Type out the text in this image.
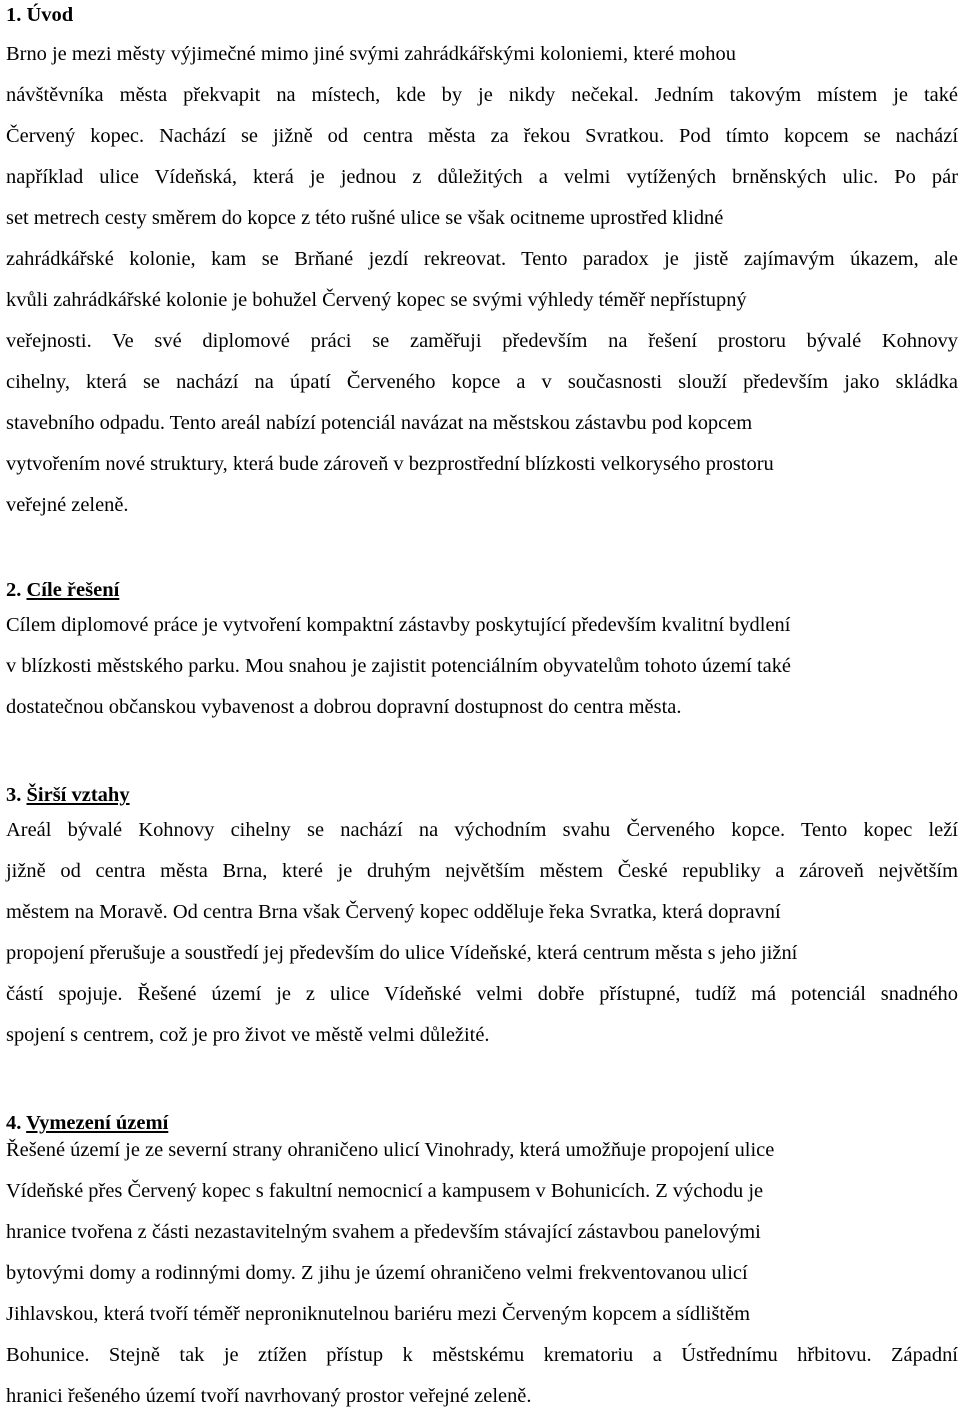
1. Úvod
Brno je mezi městy výjimečné mimo jiné svými zahrádkářskými koloniemi, které mohou
návštěvníka města překvapit na místech, kde by je nikdy nečekal. Jedním takovým místem je také
Červený kopec. Nachází se jižně od centra města za řekou Svratkou. Pod tímto kopcem se nachází
například ulice Vídeňská, která je jednou z důležitých a velmi vytížených brněnských ulic. Po pár
set metrech cesty směrem do kopce z této rušné ulice se však ocitneme uprostřed klidné
zahrádkářské kolonie, kam se Brňané jezdí rekreovat. Tento paradox je jistě zajímavým úkazem, ale
kvůli zahrádkářské kolonie je bohužel Červený kopec se svými výhledy téměř nepřístupný
veřejnosti. Ve své diplomové práci se zaměřuji především na řešení prostoru bývalé Kohnovy
cihelny, která se nachází na úpatí Červeného kopce a v současnosti slouží především jako skládka
stavebního odpadu. Tento areál nabízí potenciál navázat na městskou zástavbu pod kopcem
vytvořením nové struktury, která bude zároveň v bezprostřední blízkosti velkorysého prostoru
veřejné zeleně.
2. Cíle řešení
Cílem diplomové práce je vytvoření kompaktní zástavby poskytující především kvalitní bydlení
v blízkosti městského parku. Mou snahou je zajistit potenciálním obyvatelům tohoto území také
dostatečnou občanskou vybavenost a dobrou dopravní dostupnost do centra města.
3. Širší vztahy
Areál bývalé Kohnovy cihelny se nachází na východním svahu Červeného kopce. Tento kopec leží
jižně od centra města Brna, které je druhým největším městem České republiky a zároveň největším
městem na Moravě. Od centra Brna však Červený kopec odděluje řeka Svratka, která dopravní
propojení přerušuje a soustředí jej především do ulice Vídeňské, která centrum města s jeho jižní
částí spojuje. Řešené území je z ulice Vídeňské velmi dobře přístupné, tudíž má potenciál snadného
spojení s centrem, což je pro život ve městě velmi důležité.
4. Vymezení území
Řešené území je ze severní strany ohraničeno ulicí Vinohrady, která umožňuje propojení ulice
Vídeňské přes Červený kopec s fakultní nemocnicí a kampusem v Bohunicích. Z východu je
hranice tvořena z části nezastavitelným svahem a především stávající zástavbou panelovými
bytovými domy a rodinnými domy. Z jihu je území ohraničeno velmi frekventovanou ulicí
Jihlavskou, která tvoří téměř neproniknutelnou bariéru mezi Červeným kopcem a sídlištěm
Bohunice. Stejně tak je ztížen přístup k městskému krematoriu a Ústřednímu hřbitovu. Západní
hranici řešeného území tvoří navrhovaný prostor veřejné zeleně.
